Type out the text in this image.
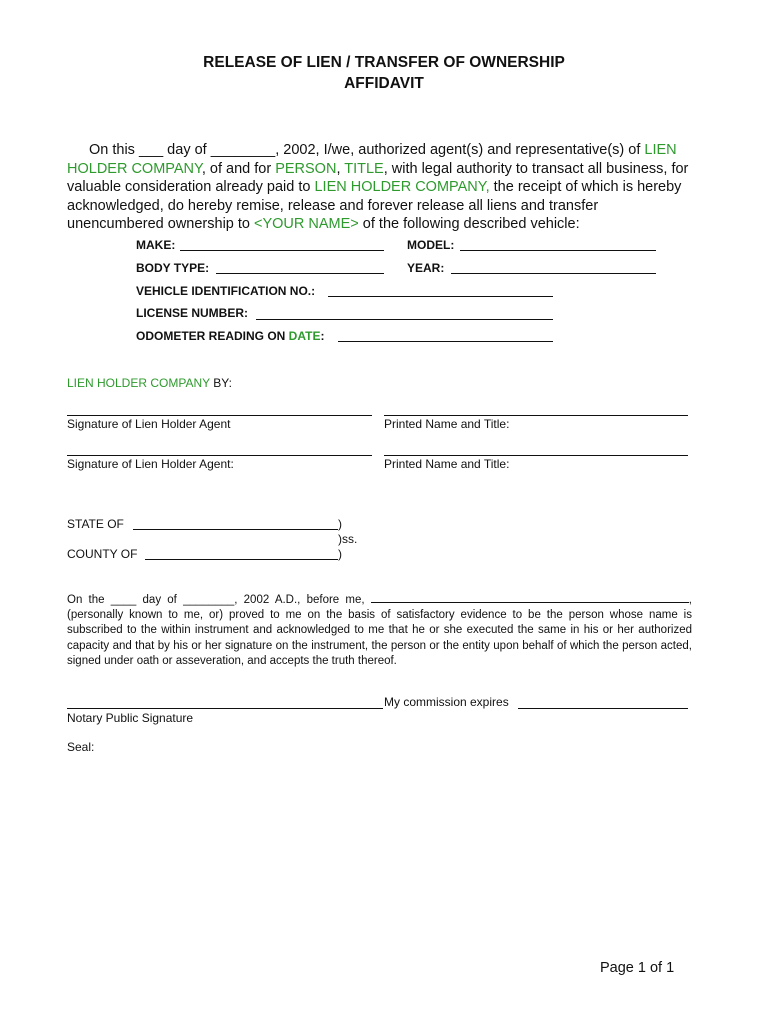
RELEASE OF LIEN / TRANSFER OF OWNERSHIP
AFFIDAVIT
On this ___ day of ________, 2002, I/we, authorized agent(s) and representative(s) of LIEN HOLDER COMPANY, of and for PERSON, TITLE, with legal authority to transact all business, for valuable consideration already paid to LIEN HOLDER COMPANY, the receipt of which is hereby acknowledged, do hereby remise, release and forever release all liens and transfer unencumbered ownership to <YOUR NAME> of the following described vehicle:
MAKE:	MODEL:
BODY TYPE:	YEAR:
VEHICLE IDENTIFICATION NO.:
LICENSE NUMBER:
ODOMETER READING ON DATE:
LIEN HOLDER COMPANY BY:
Signature of Lien Holder Agent	Printed Name and Title:
Signature of Lien Holder Agent:	Printed Name and Title:
STATE OF	)
)ss.
COUNTY OF	)
On the ____ day of ________, 2002 A.D., before me,	, (personally known to me, or) proved to me on the basis of satisfactory evidence to be the person whose name is subscribed to the within instrument and acknowledged to me that he or she executed the same in his or her authorized capacity and that by his or her signature on the instrument, the person or the entity upon behalf of which the person acted, signed under oath or asseveration, and accepts the truth thereof.
My commission expires
Notary Public Signature
Seal:
Page 1 of 1
